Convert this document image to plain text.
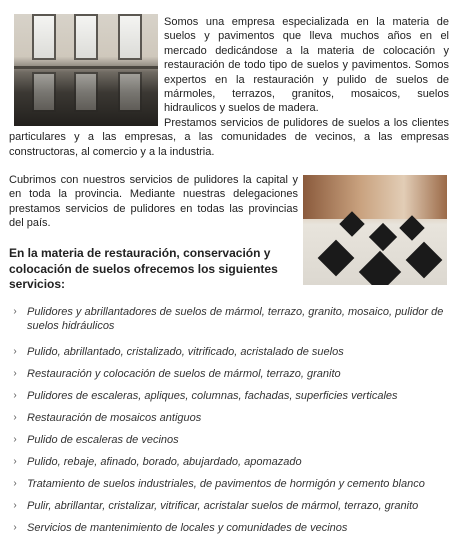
Somos una empresa especializada en la materia de suelos y pavimentos que lleva muchos años en el mercado dedicándose a la materia de colocación y restauración de todo tipo de suelos y pavimentos. Somos expertos en la restauración y pulido de suelos de mármoles, terrazos, granitos, mosaicos, suelos hidraulicos y suelos de madera.

Prestamos servicios de pulidores de suelos a los clientes particulares y a las empresas, a las comunidades de vecinos, a las empresas constructoras, al comercio y a la industria.

Cubrimos con nuestros servicios de pulidores la capital y en toda la provincia. Mediante nuestras delegaciones prestamos servicios de pulidores en todas las provincias del país.

En la materia de restauración, conservación y colocación de suelos ofrecemos los siguientes servicios:
› Pulidores y abrillantadores de suelos de mármol, terrazo, granito, mosaico, pulidor de suelos hidráulicos
› Pulido, abrillantado, cristalizado, vitrificado, acristalado de suelos
› Restauración y colocación de suelos de mármol, terrazo, granito
› Pulidores de escaleras, apliques, columnas, fachadas, superficies verticales
› Restauración de mosaicos antiguos
› Pulido de escaleras de vecinos
› Pulido, rebaje, afinado, borado, abujardado, apomazado
› Tratamiento de suelos industriales, de pavimentos de hormigón y cemento blanco
› Pulir, abrillantar, cristalizar, vitrificar, acristalar suelos de mármol, terrazo, granito
› Servicios de mantenimiento de locales y comunidades de vecinos
